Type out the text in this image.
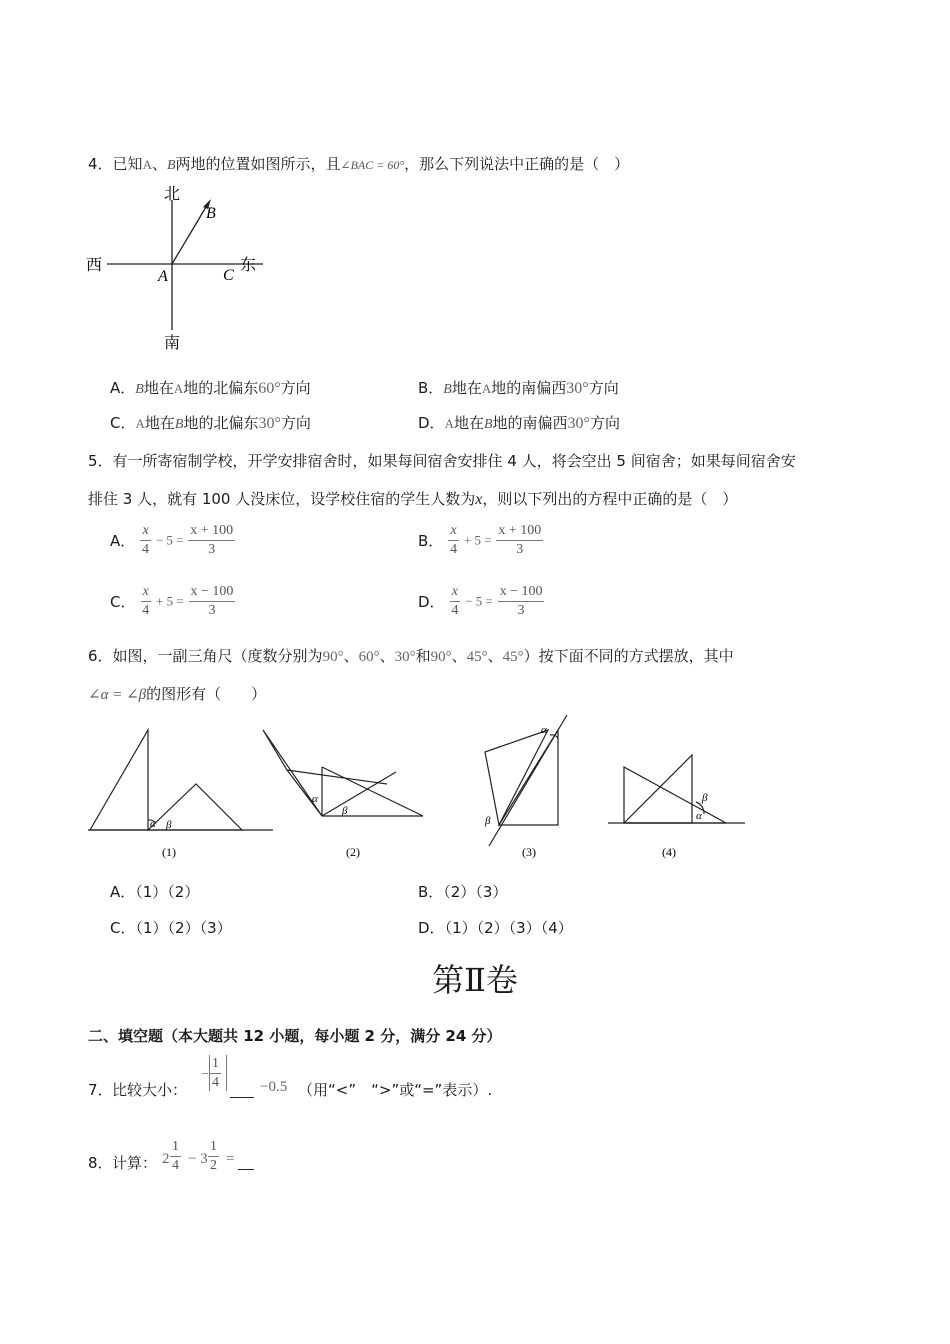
4．已知A、B两地的位置如图所示，且∠BAC = 60°，那么下列说法中正确的是（　）
北
南
西	东
A
B
C
A．B地在A地的北偏东60°方向	B．B地在A地的南偏西30°方向
C．A地在B地的北偏东30°方向	D．A地在B地的南偏西30°方向
5．有一所寄宿制学校，开学安排宿舍时，如果每间宿舍安排住 4 人，将会空出 5 间宿舍；如果每间宿舍安
排住 3 人，就有 100 人没床位，设学校住宿的学生人数为x，则以下列出的方程中正确的是（　）
A． $\frac{x}{4} - 5 = \frac{x + 100}{3}$	B． $\frac{x}{4} + 5 = \frac{x + 100}{3}$
C． $\frac{x}{4} + 5 = \frac{x - 100}{3}$	D． $\frac{x}{4} - 5 = \frac{x - 100}{3}$
6．如图，一副三角尺（度数分别为90°、60°、30°和90°、45°、45°）按下面不同的方式摆放，其中
∠α = ∠β的图形有（　　）
α β
α
β
α
β
β
α
(1)	(2)	(3)	(4)
A．（1）（2）	B．（2）（3）
C．（1）（2）（3）	D．（1）（2）（3）（4）
第Ⅱ卷
二、填空题（本大题共 12 小题，每小题 2 分，满分 24 分）
7． 比较大小：
− $\frac{1}{4}$	−0.5 （用“<”　“>”或“=”表示）.
8． 计算： $2 \frac{1}{4} - 3 \frac{1}{2}$ =
